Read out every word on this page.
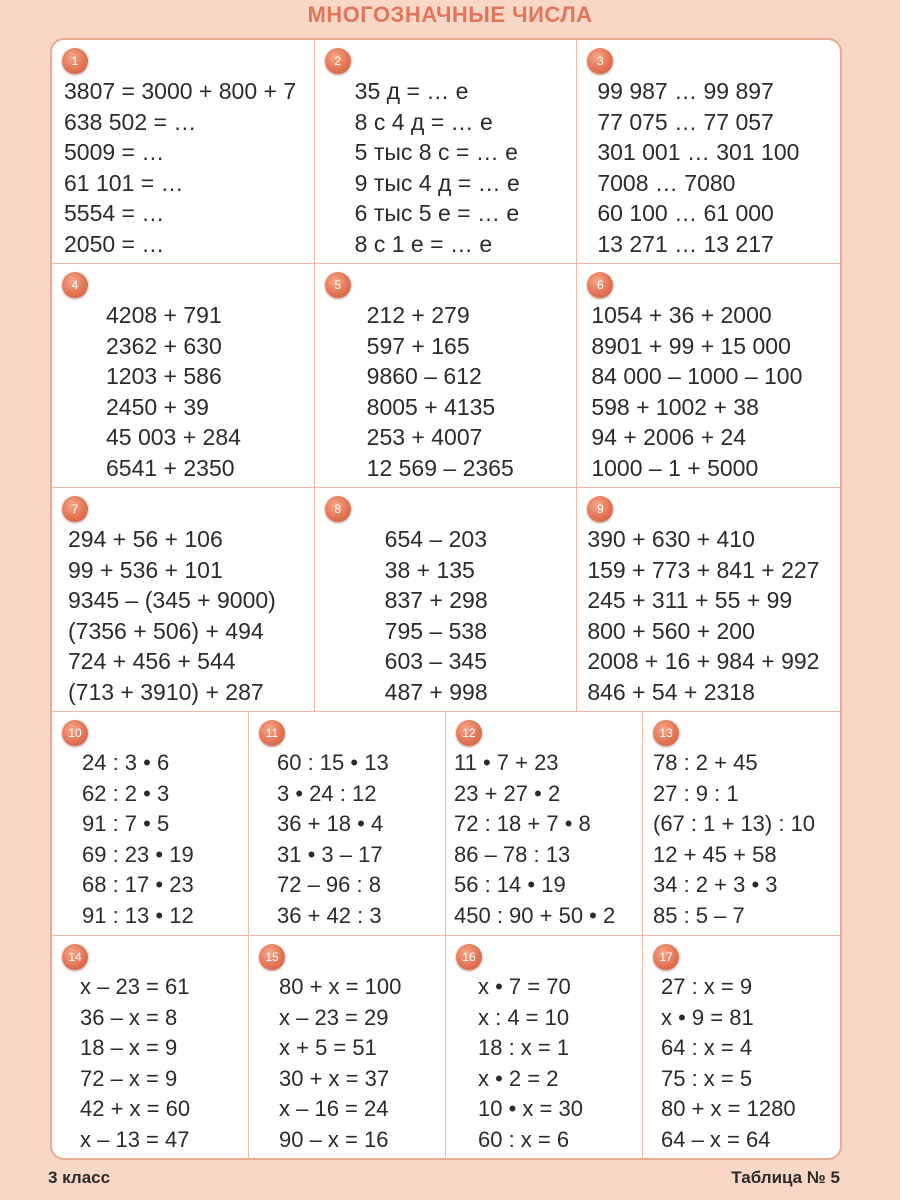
МНОГОЗНАЧНЫЕ ЧИСЛА
1
3807 = 3000 + 800 + 7
638 502 = …
5009 = …
61 101 = …
5554 = …
2050 = …
2
35 д = … е
8 с 4 д = … е
5 тыс 8 с = … е
9 тыс 4 д = … е
6 тыс 5 е = … е
8 с 1 е = … е
3
99 987 … 99 897
77 075 … 77 057
301 001 … 301 100
7008 … 7080
60 100 … 61 000
13 271 … 13 217
4
4208 + 791
2362 + 630
1203 + 586
2450 + 39
45 003 + 284
6541 + 2350
5
212 + 279
597 + 165
9860 – 612
8005 + 4135
253 + 4007
12 569 – 2365
6
1054 + 36 + 2000
8901 + 99 + 15 000
84 000 – 1000 – 100
598 + 1002 + 38
94 + 2006 + 24
1000 – 1 + 5000
7
294 + 56 + 106
99 + 536 + 101
9345 – (345 + 9000)
(7356 + 506) + 494
724 + 456 + 544
(713 + 3910) + 287
8
654 – 203
38 + 135
837 + 298
795 – 538
603 – 345
487 + 998
9
390 + 630 + 410
159 + 773 + 841 + 227
245 + 311 + 55 + 99
800 + 560 + 200
2008 + 16 + 984 + 992
846 + 54 + 2318
10
24 : 3 • 6
62 : 2 • 3
91 : 7 • 5
69 : 23 • 19
68 : 17 • 23
91 : 13 • 12
11
60 : 15 • 13
3 • 24 : 12
36 + 18 • 4
31 • 3 – 17
72 – 96 : 8
36 + 42 : 3
12
11 • 7 + 23
23 + 27 • 2
72 : 18 + 7 • 8
86 – 78 : 13
56 : 14 • 19
450 : 90 + 50 • 2
13
78 : 2 + 45
27 : 9 : 1
(67 : 1 + 13) : 10
12 + 45 + 58
34 : 2 + 3 • 3
85 : 5 – 7
14
x – 23 = 61
36 – x = 8
18 – x = 9
72 – x = 9
42 + x = 60
x – 13 = 47
15
80 + x = 100
x – 23 = 29
x + 5 = 51
30 + x = 37
x – 16 = 24
90 – x = 16
16
x • 7 = 70
x : 4 = 10
18 : x = 1
x • 2 = 2
10 • x = 30
60 : x = 6
17
27 : x = 9
x • 9 = 81
64 : x = 4
75 : x = 5
80 + x = 1280
64 – x = 64
3 класс	Таблица № 5
